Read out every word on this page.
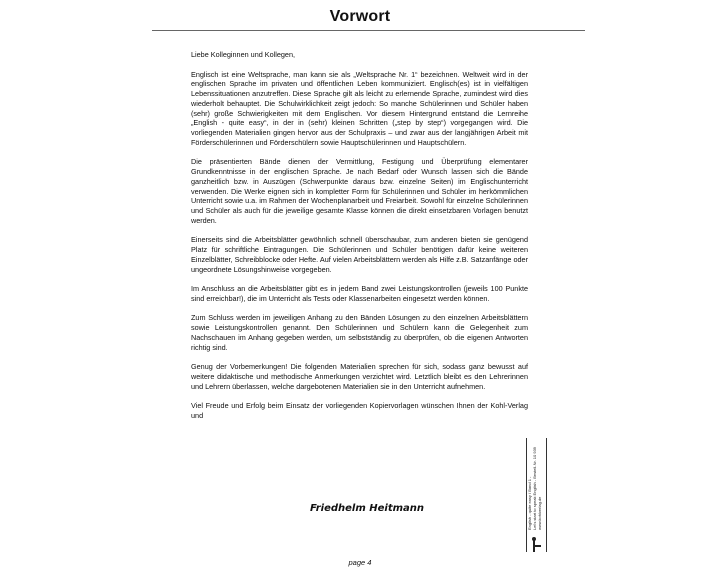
Vorwort

Liebe Kolleginnen und Kollegen,

Englisch ist eine Weltsprache, man kann sie als „Weltsprache Nr. 1“ bezeichnen. Weltweit wird in der englischen Sprache im privaten und öffentlichen Leben kommuniziert. Englisch(es) ist in vielfältigen Lebenssituationen anzutreffen. Diese Sprache gilt als leicht zu erlernende Sprache, zumindest wird dies wiederholt behauptet. Die Schulwirklichkeit zeigt jedoch: So manche Schülerinnen und Schüler haben (sehr) große Schwierigkeiten mit dem Englischen. Vor diesem Hintergrund entstand die Lernreihe „English - quite easy“, in der in (sehr) kleinen Schritten („step by step“) vorgegangen wird. Die vorliegenden Materialien gingen hervor aus der Schulpraxis – und zwar aus der langjährigen Arbeit mit Förderschülerinnen und Förderschülern sowie Hauptschülerinnen und Hauptschülern.

Die präsentierten Bände dienen der Vermittlung, Festigung und Überprüfung elementarer Grundkenntnisse in der englischen Sprache. Je nach Bedarf oder Wunsch lassen sich die Bände ganzheitlich bzw. in Auszügen (Schwerpunkte daraus bzw. einzelne Seiten) im Englischunterricht verwenden. Die Werke eignen sich in kompletter Form für Schülerinnen und Schüler im herkömmlichen Unterricht sowie u.a. im Rahmen der Wochenplanarbeit und Freiarbeit. Sowohl für einzelne Schülerinnen und Schüler als auch für die jeweilige gesamte Klasse können die direkt einsetzbaren Vorlagen benutzt werden.

Einerseits sind die Arbeitsblätter gewöhnlich schnell überschaubar, zum anderen bieten sie genügend Platz für schriftliche Eintragungen. Die Schülerinnen und Schüler benötigen dafür keine weiteren Einzelblätter, Schreibblocke oder Hefte. Auf vielen Arbeitsblättern werden als Hilfe z.B. Satzanfänge oder ungeordnete Lösungshinweise vorgegeben.

Im Anschluss an die Arbeitsblätter gibt es in jedem Band zwei Leistungskontrollen (jeweils 100 Punkte sind erreichbar!), die im Unterricht als Tests oder Klassenarbeiten eingesetzt werden können.

Zum Schluss werden im jeweiligen Anhang zu den Bänden Lösungen zu den einzelnen Arbeitsblättern sowie Leistungskontrollen genannt. Den Schülerinnen und Schülern kann die Gelegenheit zum Nachschauen im Anhang gegeben werden, um selbstständig zu überprüfen, ob die eigenen Antworten richtig sind.

Genug der Vorbemerkungen! Die folgenden Materialien sprechen für sich, sodass ganz bewusst auf weitere didaktische und methodische Anmerkungen verzichtet wird. Letztlich bleibt es den Lehrerinnen und Lehrern überlassen, welche dargebotenen Materialien sie in den Unterricht aufnehmen.

Viel Freude und Erfolg beim Einsatz der vorliegenden Kopiervorlagen wünschen Ihnen der Kohl-Verlag und

Friedhelm Heitmann
page 4
English - quite easy / Band 1 - Let's start to speak English - Bestell-Nr. 10 939 www.kohlverlag.de
